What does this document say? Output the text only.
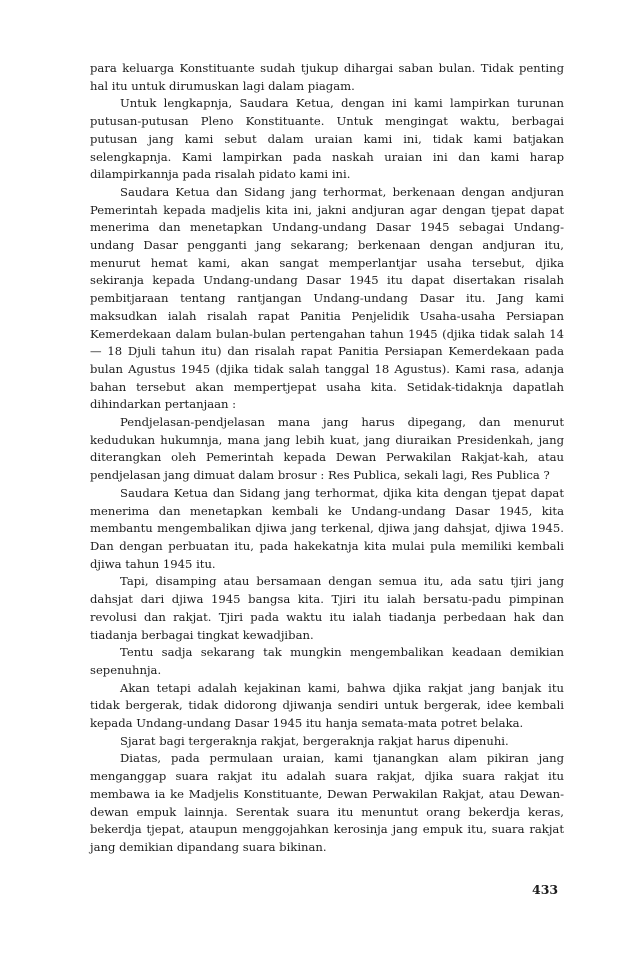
para keluarga Konstituante sudah tjukup dihargai saban bulan. Tidak penting hal itu untuk dirumuskan lagi dalam piagam.

Untuk lengkapnja, Saudara Ketua, dengan ini kami lampirkan turunan putusan-putusan Pleno Konstituante. Untuk mengingat waktu, berbagai putusan jang kami sebut dalam uraian kami ini, tidak kami batjakan selengkapnja. Kami lampirkan pada naskah uraian ini dan kami harap dilampirkannja pada risalah pidato kami ini.

Saudara Ketua dan Sidang jang terhormat, berkenaan dengan andjuran Pemerintah kepada madjelis kita ini, jakni andjuran agar dengan tjepat dapat menerima dan menetapkan Undang-undang Dasar 1945 sebagai Undang-undang Dasar pengganti jang sekarang; berkenaan dengan andjuran itu, menurut hemat kami, akan sangat memperlantjar usaha tersebut, djika sekiranja kepada Undang-undang Dasar 1945 itu dapat disertakan risalah pembitjaraan tentang rantjangan Undang-undang Dasar itu. Jang kami maksudkan ialah risalah rapat Panitia Penjelidik Usaha-usaha Persiapan Kemerdekaan dalam bulan-bulan pertengahan tahun 1945 (djika tidak salah 14 — 18 Djuli tahun itu) dan risalah rapat Panitia Persiapan Kemerdekaan pada bulan Agustus 1945 (djika tidak salah tanggal 18 Agustus). Kami rasa, adanja bahan tersebut akan mempertjepat usaha kita. Setidak-tidaknja dapatlah dihindarkan pertanjaan :

Pendjelasan-pendjelasan mana jang harus dipegang, dan menurut kedudukan hukumnja, mana jang lebih kuat, jang diuraikan Presidenkah, jang diterangkan oleh Pemerintah kepada Dewan Perwakilan Rakjat-kah, atau pendjelasan jang dimuat dalam brosur : Res Publica, sekali lagi, Res Publica ?

Saudara Ketua dan Sidang jang terhormat, djika kita dengan tjepat dapat menerima dan menetapkan kembali ke Undang-undang Dasar 1945, kita membantu mengembalikan djiwa jang terkenal, djiwa jang dahsjat, djiwa 1945. Dan dengan perbuatan itu, pada hakekatnja kita mulai pula memiliki kembali djiwa tahun 1945 itu.

Tapi, disamping atau bersamaan dengan semua itu, ada satu tjiri jang dahsjat dari djiwa 1945 bangsa kita. Tjiri itu ialah bersatu-padu pimpinan revolusi dan rakjat. Tjiri pada waktu itu ialah tiadanja perbedaan hak dan tiadanja berbagai tingkat kewadjiban.

Tentu sadja sekarang tak mungkin mengembalikan keadaan demikian sepenuhnja.

Akan tetapi adalah kejakinan kami, bahwa djika rakjat jang banjak itu tidak bergerak, tidak didorong djiwanja sendiri untuk bergerak, idee kembali kepada Undang-undang Dasar 1945 itu hanja semata-mata potret belaka.

Sjarat bagi tergeraknja rakjat, bergeraknja rakjat harus dipenuhi.

Diatas, pada permulaan uraian, kami tjanangkan alam pikiran jang menganggap suara rakjat itu adalah suara rakjat, djika suara rakjat itu membawa ia ke Madjelis Konstituante, Dewan Perwakilan Rakjat, atau Dewan-dewan empuk lainnja. Serentak suara itu menuntut orang bekerdja keras, bekerdja tjepat, ataupun menggojahkan kerosinja jang empuk itu, suara rakjat jang demikian dipandang suara bikinan.

433
